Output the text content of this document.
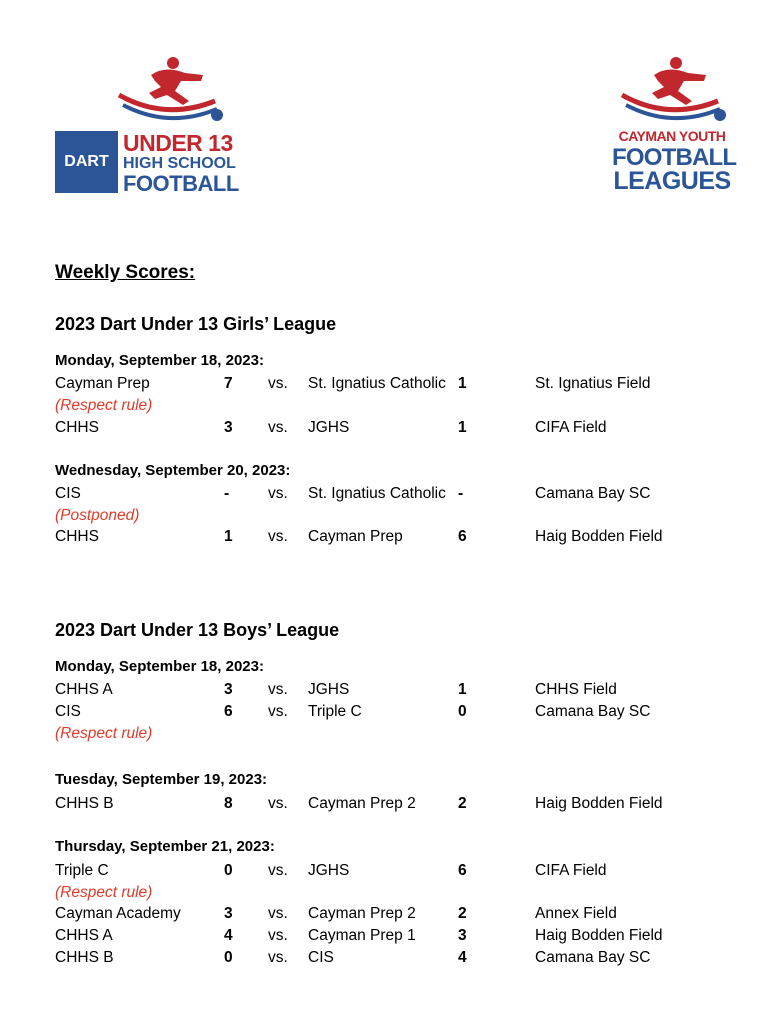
DART
UNDER 13
HIGH SCHOOL
FOOTBALL
CAYMAN YOUTH
FOOTBALL
LEAGUES
Weekly Scores:
2023 Dart Under 13 Girls’ League
Monday, September 18, 2023:
Cayman Prep	7 vs. St. Ignatius Catholic 1	St. Ignatius Field
(Respect rule)
CHHS	3 vs. JGHS	1	CIFA Field
Wednesday, September 20, 2023:
CIS	-	vs. St. Ignatius Catholic -	Camana Bay SC
(Postponed)
CHHS	1 vs. Cayman Prep	6	Haig Bodden Field
2023 Dart Under 13 Boys’ League
Monday, September 18, 2023:
CHHS A	3 vs. JGHS	1	CHHS Field
CIS	6 vs. Triple C	0	Camana Bay SC
(Respect rule)
Tuesday, September 19, 2023:
CHHS B	8 vs. Cayman Prep 2	2	Haig Bodden Field
Thursday, September 21, 2023:
Triple C	0 vs. JGHS	6	CIFA Field
(Respect rule)
Cayman Academy	3 vs. Cayman Prep 2	2	Annex Field
CHHS A	4 vs. Cayman Prep 1	3	Haig Bodden Field
CHHS B	0 vs. CIS	4	Camana Bay SC
